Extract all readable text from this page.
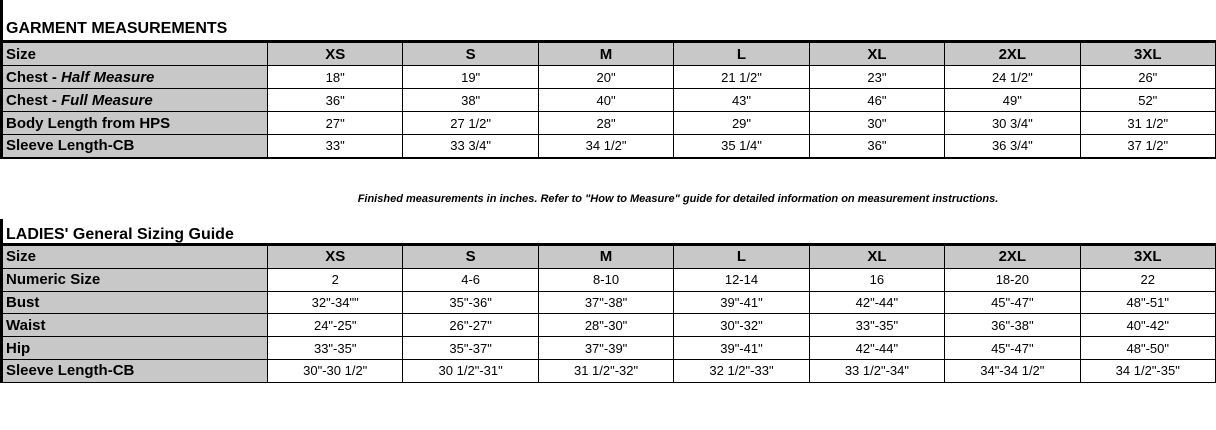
GARMENT MEASUREMENTS
Size	XS	S	M	L	XL	2XL	3XL
Chest - Half Measure	18"	19"	20"	21 1/2"	23"	24 1/2"	26"
Chest - Full Measure	36"	38"	40"	43"	46"	49"	52"
Body Length from HPS	27"	27 1/2"	28"	29"	30"	30 3/4"	31 1/2"
Sleeve Length-CB	33"	33 3/4"	34 1/2"	35 1/4"	36"	36 3/4"	37 1/2"
Finished measurements in inches. Refer to "How to Measure" guide for detailed information on measurement instructions.
LADIES' General Sizing Guide
Size	XS	S	M	L	XL	2XL	3XL
Numeric Size	2	4-6	8-10	12-14	16	18-20	22
Bust	32"-34""	35"-36"	37"-38"	39"-41"	42"-44"	45"-47"	48"-51"
Waist	24"-25"	26"-27"	28"-30"	30"-32"	33"-35"	36"-38"	40"-42"
Hip	33"-35"	35"-37"	37"-39"	39"-41"	42"-44"	45"-47"	48"-50"
Sleeve Length-CB	30"-30 1/2"	30 1/2"-31"	31 1/2"-32"	32 1/2"-33"	33 1/2"-34"	34"-34 1/2"	34 1/2"-35"
